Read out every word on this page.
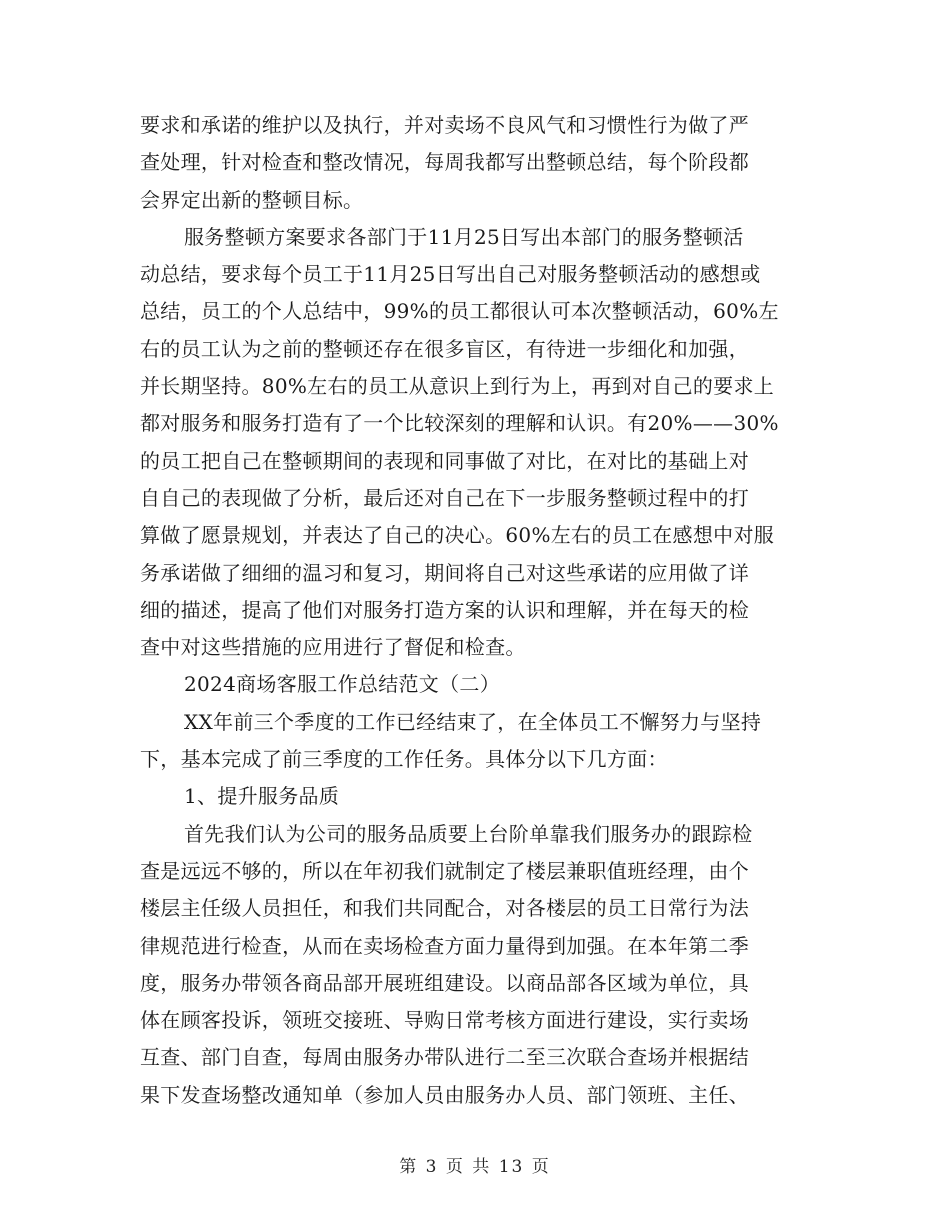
要求和承诺的维护以及执行，并对卖场不良风气和习惯性行为做了严
查处理，针对检查和整改情况，每周我都写出整顿总结，每个阶段都
会界定出新的整顿目标。
服务整顿方案要求各部门于11月25日写出本部门的服务整顿活
动总结，要求每个员工于11月25日写出自己对服务整顿活动的感想或
总结，员工的个人总结中，99%的员工都很认可本次整顿活动，60%左
右的员工认为之前的整顿还存在很多盲区，有待进一步细化和加强，
并长期坚持。80%左右的员工从意识上到行为上，再到对自己的要求上
都对服务和服务打造有了一个比较深刻的理解和认识。有20%——30%
的员工把自己在整顿期间的表现和同事做了对比，在对比的基础上对
自自己的表现做了分析，最后还对自己在下一步服务整顿过程中的打
算做了愿景规划，并表达了自己的决心。60%左右的员工在感想中对服
务承诺做了细细的温习和复习，期间将自己对这些承诺的应用做了详
细的描述，提高了他们对服务打造方案的认识和理解，并在每天的检
查中对这些措施的应用进行了督促和检查。
2024商场客服工作总结范文（二）
XX年前三个季度的工作已经结束了，在全体员工不懈努力与坚持
下，基本完成了前三季度的工作任务。具体分以下几方面：
1、提升服务品质
首先我们认为公司的服务品质要上台阶单靠我们服务办的跟踪检
查是远远不够的，所以在年初我们就制定了楼层兼职值班经理，由个
楼层主任级人员担任，和我们共同配合，对各楼层的员工日常行为法
律规范进行检查，从而在卖场检查方面力量得到加强。在本年第二季
度，服务办带领各商品部开展班组建设。以商品部各区域为单位，具
体在顾客投诉，领班交接班、导购日常考核方面进行建设，实行卖场
互查、部门自查，每周由服务办带队进行二至三次联合查场并根据结
果下发查场整改通知单（参加人员由服务办人员、部门领班、主任、
第 3 页 共 13 页
